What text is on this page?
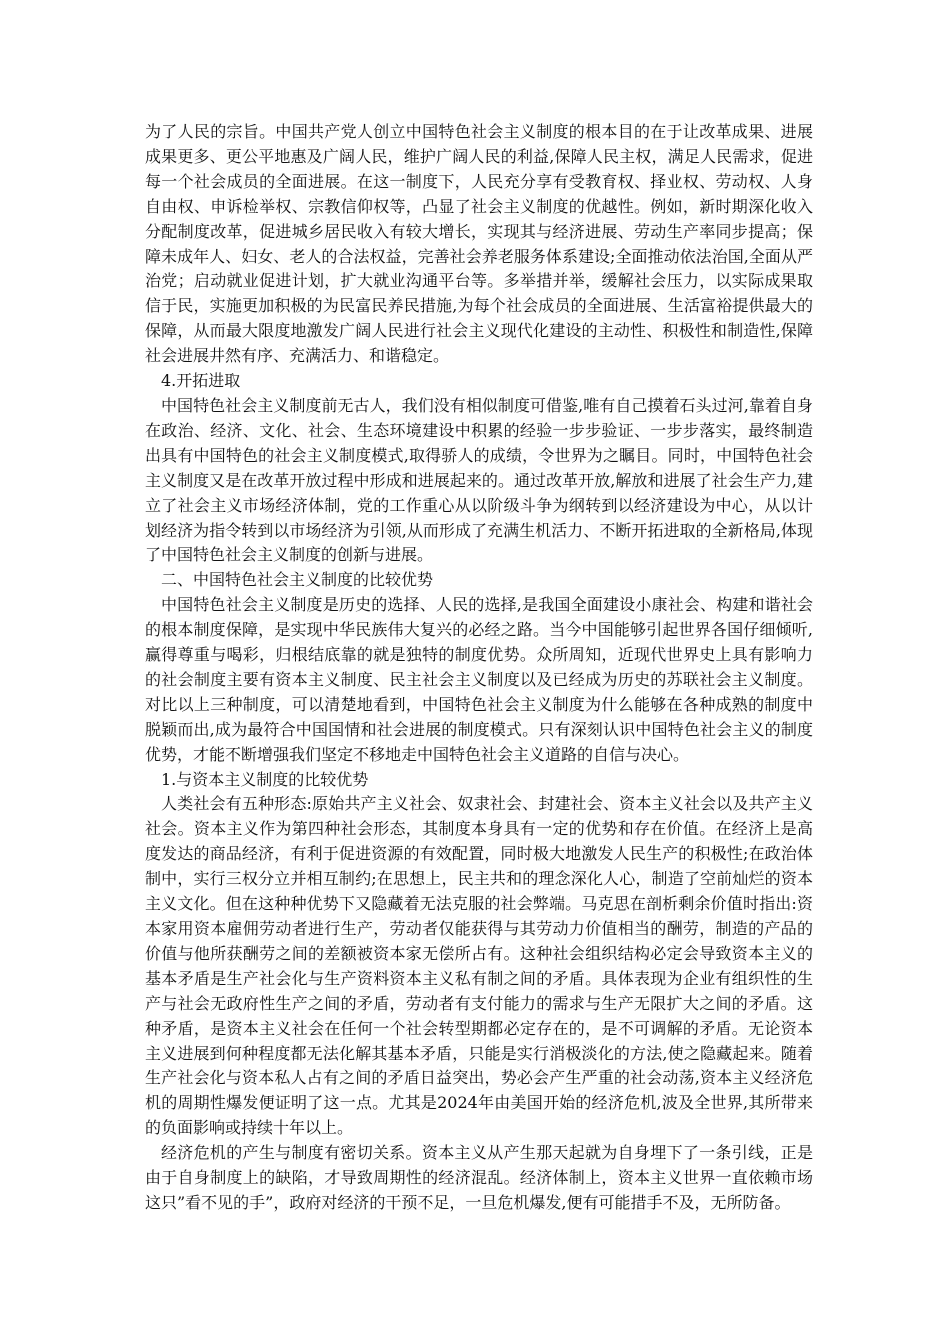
为了人民的宗旨。中国共产党人创立中国特色社会主义制度的根本目的在于让改革成果、进展成果更多、更公平地惠及广阔人民，维护广阔人民的利益,保障人民主权，满足人民需求，促进每一个社会成员的全面进展。在这一制度下，人民充分享有受教育权、择业权、劳动权、人身自由权、申诉检举权、宗教信仰权等，凸显了社会主义制度的优越性。例如，新时期深化收入分配制度改革，促进城乡居民收入有较大增长，实现其与经济进展、劳动生产率同步提高；保障未成年人、妇女、老人的合法权益，完善社会养老服务体系建设;全面推动依法治国,全面从严治党；启动就业促进计划，扩大就业沟通平台等。多举措并举，缓解社会压力，以实际成果取信于民，实施更加积极的为民富民养民措施,为每个社会成员的全面进展、生活富裕提供最大的保障，从而最大限度地激发广阔人民进行社会主义现代化建设的主动性、积极性和制造性,保障社会进展井然有序、充满活力、和谐稳定。

4.开拓进取

中国特色社会主义制度前无古人，我们没有相似制度可借鉴,唯有自己摸着石头过河,靠着自身在政治、经济、文化、社会、生态环境建设中积累的经验一步步验证、一步步落实，最终制造出具有中国特色的社会主义制度模式,取得骄人的成绩，令世界为之瞩目。同时，中国特色社会主义制度又是在改革开放过程中形成和进展起来的。通过改革开放,解放和进展了社会生产力,建立了社会主义市场经济体制，党的工作重心从以阶级斗争为纲转到以经济建设为中心，从以计划经济为指令转到以市场经济为引领,从而形成了充满生机活力、不断开拓进取的全新格局,体现了中国特色社会主义制度的创新与进展。

二、中国特色社会主义制度的比较优势

中国特色社会主义制度是历史的选择、人民的选择,是我国全面建设小康社会、构建和谐社会的根本制度保障，是实现中华民族伟大复兴的必经之路。当今中国能够引起世界各国仔细倾听,赢得尊重与喝彩，归根结底靠的就是独特的制度优势。众所周知，近现代世界史上具有影响力的社会制度主要有资本主义制度、民主社会主义制度以及已经成为历史的苏联社会主义制度。对比以上三种制度，可以清楚地看到，中国特色社会主义制度为什么能够在各种成熟的制度中脱颖而出,成为最符合中国国情和社会进展的制度模式。只有深刻认识中国特色社会主义的制度优势，才能不断增强我们坚定不移地走中国特色社会主义道路的自信与决心。

1.与资本主义制度的比较优势

人类社会有五种形态:原始共产主义社会、奴隶社会、封建社会、资本主义社会以及共产主义社会。资本主义作为第四种社会形态，其制度本身具有一定的优势和存在价值。在经济上是高度发达的商品经济，有利于促进资源的有效配置，同时极大地激发人民生产的积极性;在政治体制中，实行三权分立并相互制约;在思想上，民主共和的理念深化人心，制造了空前灿烂的资本主义文化。但在这种种优势下又隐藏着无法克服的社会弊端。马克思在剖析剩余价值时指出:资本家用资本雇佣劳动者进行生产，劳动者仅能获得与其劳动力价值相当的酬劳，制造的产品的价值与他所获酬劳之间的差额被资本家无偿所占有。这种社会组织结构必定会导致资本主义的基本矛盾是生产社会化与生产资料资本主义私有制之间的矛盾。具体表现为企业有组织性的生产与社会无政府性生产之间的矛盾，劳动者有支付能力的需求与生产无限扩大之间的矛盾。这种矛盾，是资本主义社会在任何一个社会转型期都必定存在的，是不可调解的矛盾。无论资本主义进展到何种程度都无法化解其基本矛盾，只能是实行消极淡化的方法,使之隐藏起来。随着生产社会化与资本私人占有之间的矛盾日益突出，势必会产生严重的社会动荡,资本主义经济危机的周期性爆发便证明了这一点。尤其是2024年由美国开始的经济危机,波及全世界,其所带来的负面影响或持续十年以上。

经济危机的产生与制度有密切关系。资本主义从产生那天起就为自身埋下了一条引线，正是由于自身制度上的缺陷，才导致周期性的经济混乱。经济体制上，资本主义世界一直依赖市场这只”看不见的手”，政府对经济的干预不足，一旦危机爆发,便有可能措手不及，无所防备。
